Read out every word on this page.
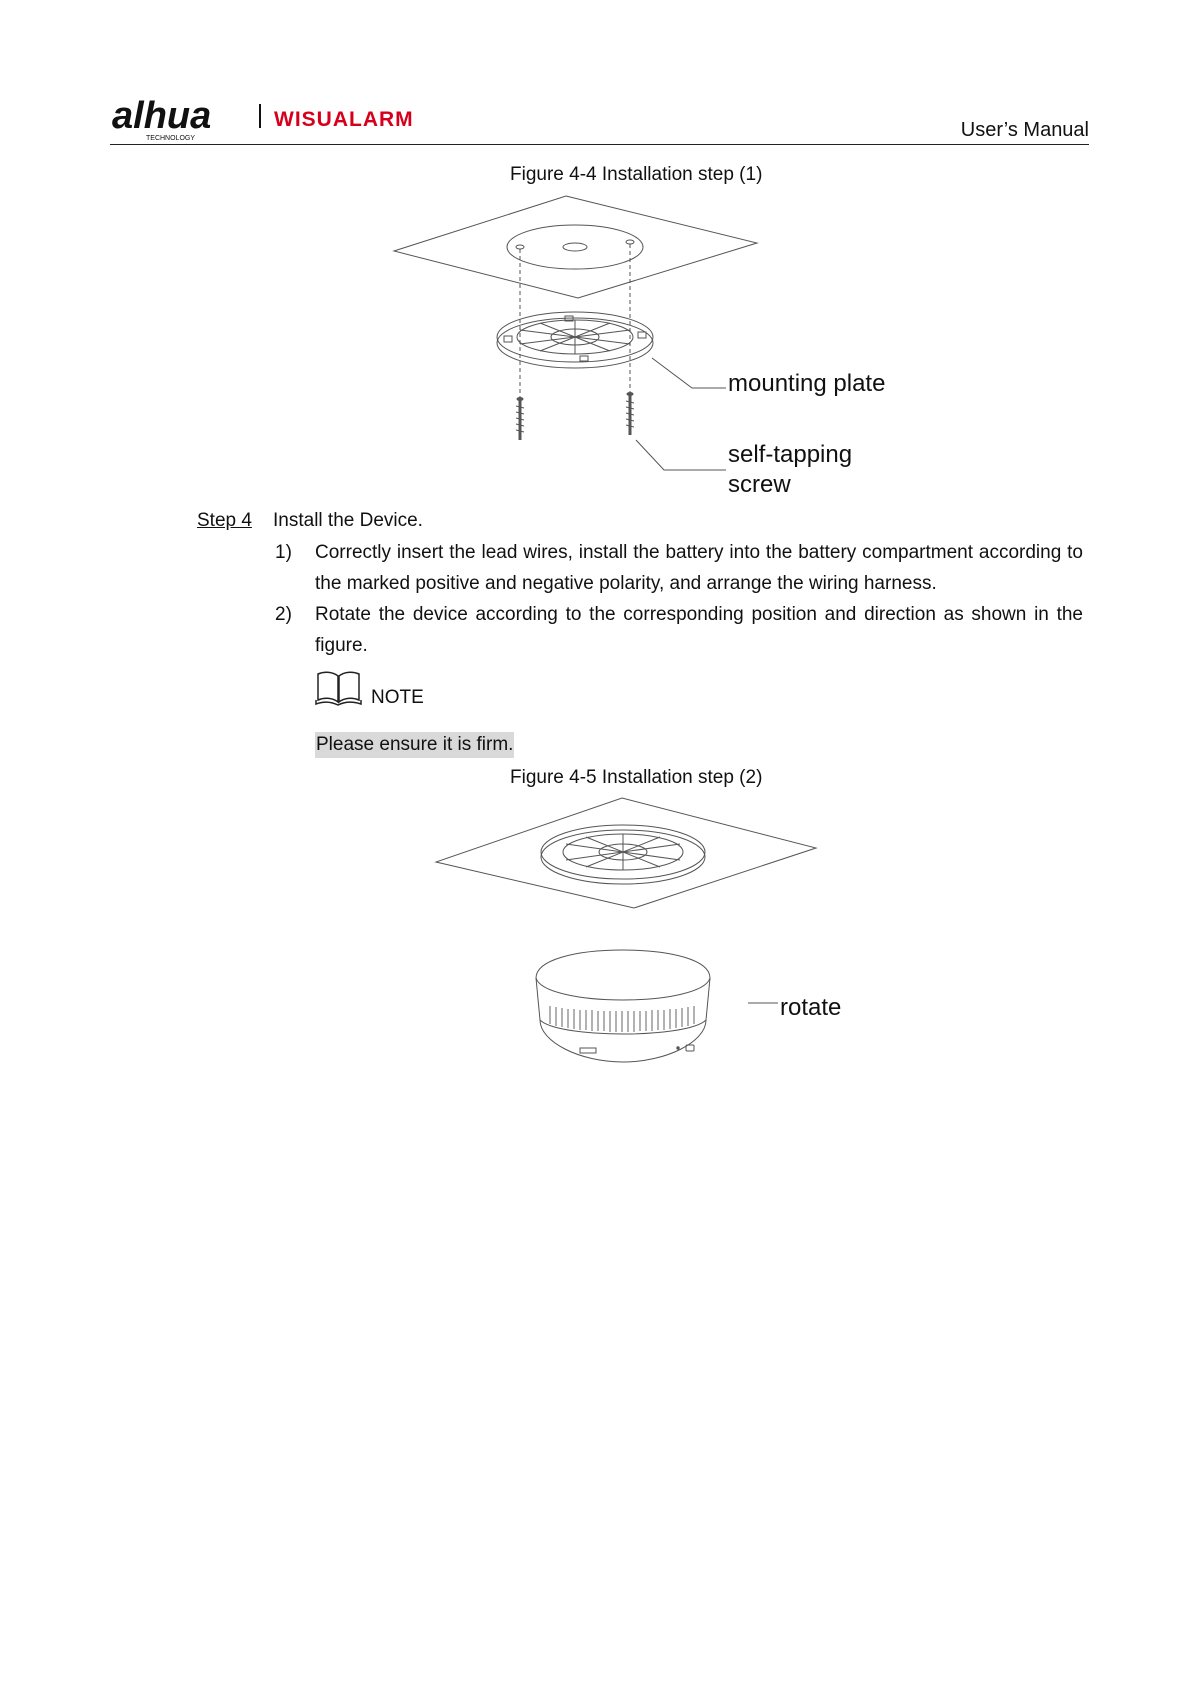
alhua
TECHNOLOGY
WISUALARM	User’s Manual
Figure 4-4 Installation step (1)
mounting plate
self-tapping screw
Step 4 Install the Device.
1) Correctly insert the lead wires, install the battery into the battery compartment according to the marked positive and negative polarity, and arrange the wiring harness.
2) Rotate the device according to the corresponding position and direction as shown in the figure.
NOTE
Please ensure it is firm.
Figure 4-5 Installation step (2)
rotate
